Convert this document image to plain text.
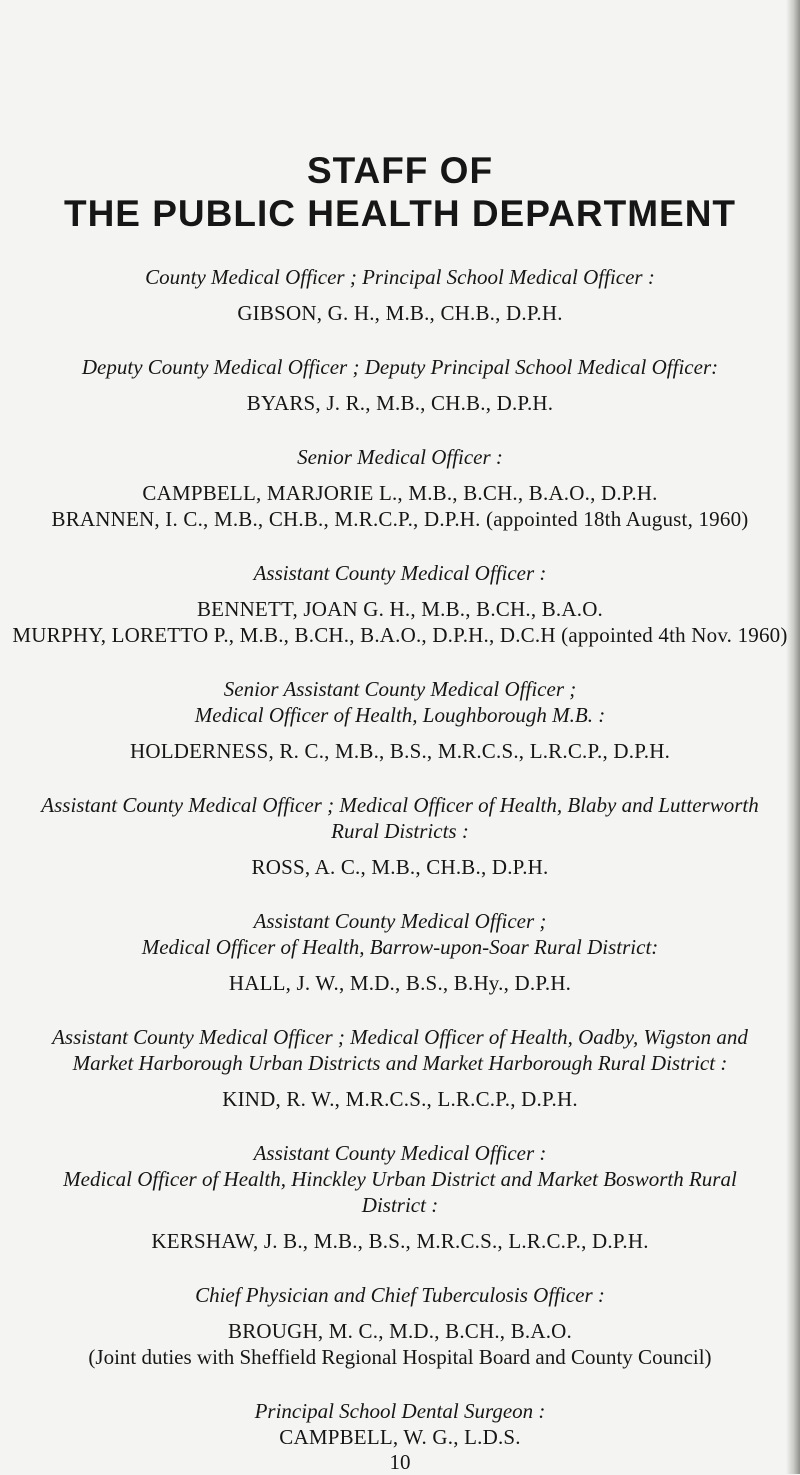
STAFF OF
THE PUBLIC HEALTH DEPARTMENT

County Medical Officer ; Principal School Medical Officer :

GIBSON, G. H., M.B., CH.B., D.P.H.

Deputy County Medical Officer ; Deputy Principal School Medical Officer:

BYARS, J. R., M.B., CH.B., D.P.H.

Senior Medical Officer :

CAMPBELL, MARJORIE L., M.B., B.CH., B.A.O., D.P.H.

BRANNEN, I. C., M.B., CH.B., M.R.C.P., D.P.H. (appointed 18th August, 1960)

Assistant County Medical Officer :

BENNETT, JOAN G. H., M.B., B.CH., B.A.O.

MURPHY, LORETTO P., M.B., B.CH., B.A.O., D.P.H., D.C.H (appointed 4th Nov. 1960)

Senior Assistant County Medical Officer ;

Medical Officer of Health, Loughborough M.B. :

HOLDERNESS, R. C., M.B., B.S., M.R.C.S., L.R.C.P., D.P.H.

Assistant County Medical Officer ; Medical Officer of Health, Blaby and Lutterworth

Rural Districts :

ROSS, A. C., M.B., CH.B., D.P.H.

Assistant County Medical Officer ;

Medical Officer of Health, Barrow-upon-Soar Rural District:

HALL, J. W., M.D., B.S., B.Hy., D.P.H.

Assistant County Medical Officer ; Medical Officer of Health, Oadby, Wigston and

Market Harborough Urban Districts and Market Harborough Rural District :

KIND, R. W., M.R.C.S., L.R.C.P., D.P.H.

Assistant County Medical Officer :

Medical Officer of Health, Hinckley Urban District and Market Bosworth Rural

District :

KERSHAW, J. B., M.B., B.S., M.R.C.S., L.R.C.P., D.P.H.

Chief Physician and Chief Tuberculosis Officer :

BROUGH, M. C., M.D., B.CH., B.A.O.

(Joint duties with Sheffield Regional Hospital Board and County Council)

Principal School Dental Surgeon :

CAMPBELL, W. G., L.D.S.

10
